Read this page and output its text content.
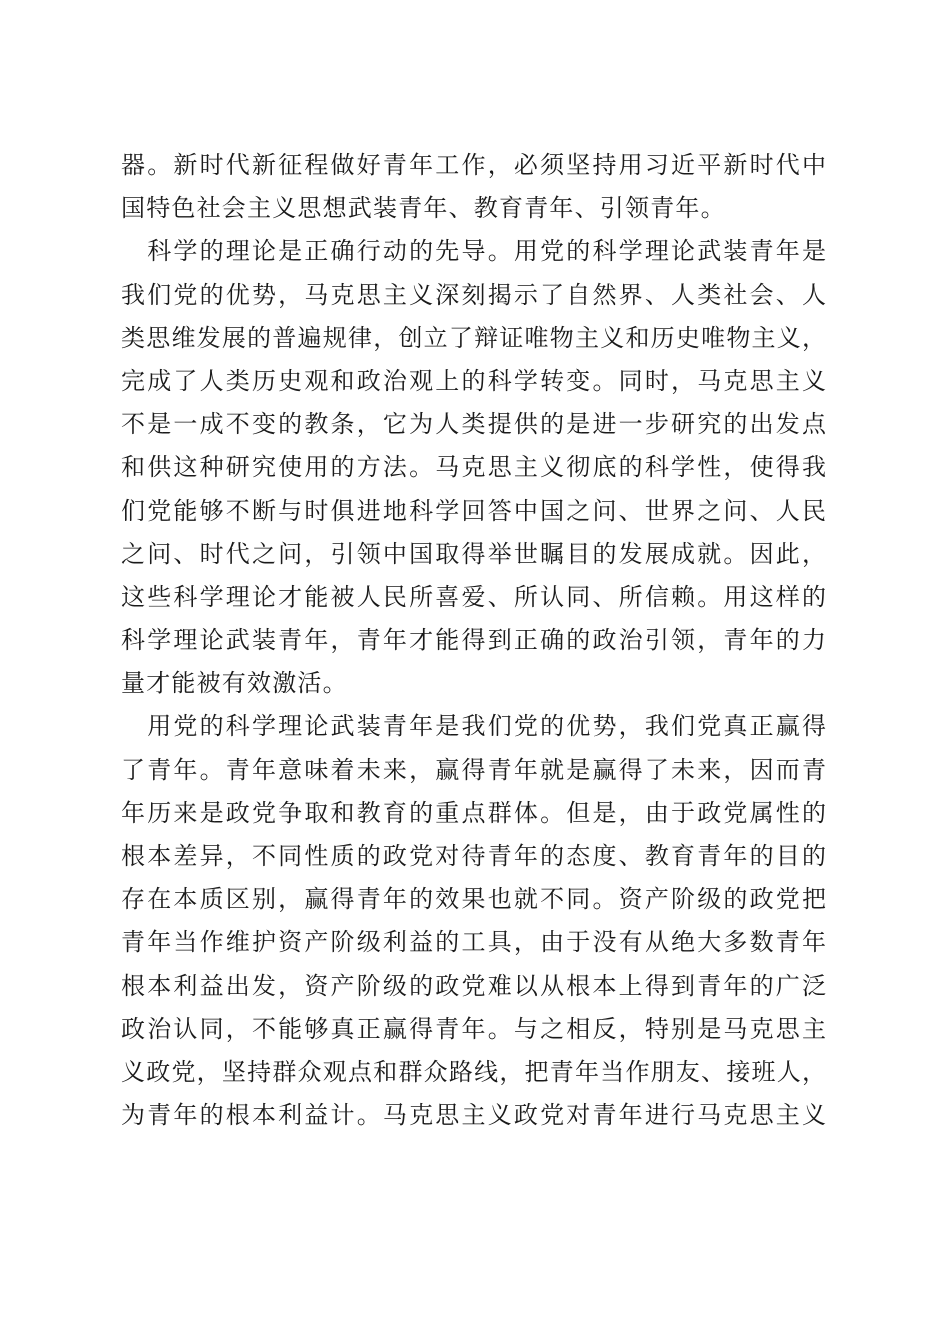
器。新时代新征程做好青年工作，必须坚持用习近平新时代中
国特色社会主义思想武装青年、教育青年、引领青年。
　科学的理论是正确行动的先导。用党的科学理论武装青年是
我们党的优势，马克思主义深刻揭示了自然界、人类社会、人
类思维发展的普遍规律，创立了辩证唯物主义和历史唯物主义，
完成了人类历史观和政治观上的科学转变。同时，马克思主义
不是一成不变的教条，它为人类提供的是进一步研究的出发点
和供这种研究使用的方法。马克思主义彻底的科学性，使得我
们党能够不断与时俱进地科学回答中国之问、世界之问、人民
之问、时代之问，引领中国取得举世瞩目的发展成就。因此，
这些科学理论才能被人民所喜爱、所认同、所信赖。用这样的
科学理论武装青年，青年才能得到正确的政治引领，青年的力
量才能被有效激活。
　用党的科学理论武装青年是我们党的优势，我们党真正赢得
了青年。青年意味着未来，赢得青年就是赢得了未来，因而青
年历来是政党争取和教育的重点群体。但是，由于政党属性的
根本差异，不同性质的政党对待青年的态度、教育青年的目的
存在本质区别，赢得青年的效果也就不同。资产阶级的政党把
青年当作维护资产阶级利益的工具，由于没有从绝大多数青年
根本利益出发，资产阶级的政党难以从根本上得到青年的广泛
政治认同，不能够真正赢得青年。与之相反，特别是马克思主
义政党，坚持群众观点和群众路线，把青年当作朋友、接班人，
为青年的根本利益计。马克思主义政党对青年进行马克思主义
